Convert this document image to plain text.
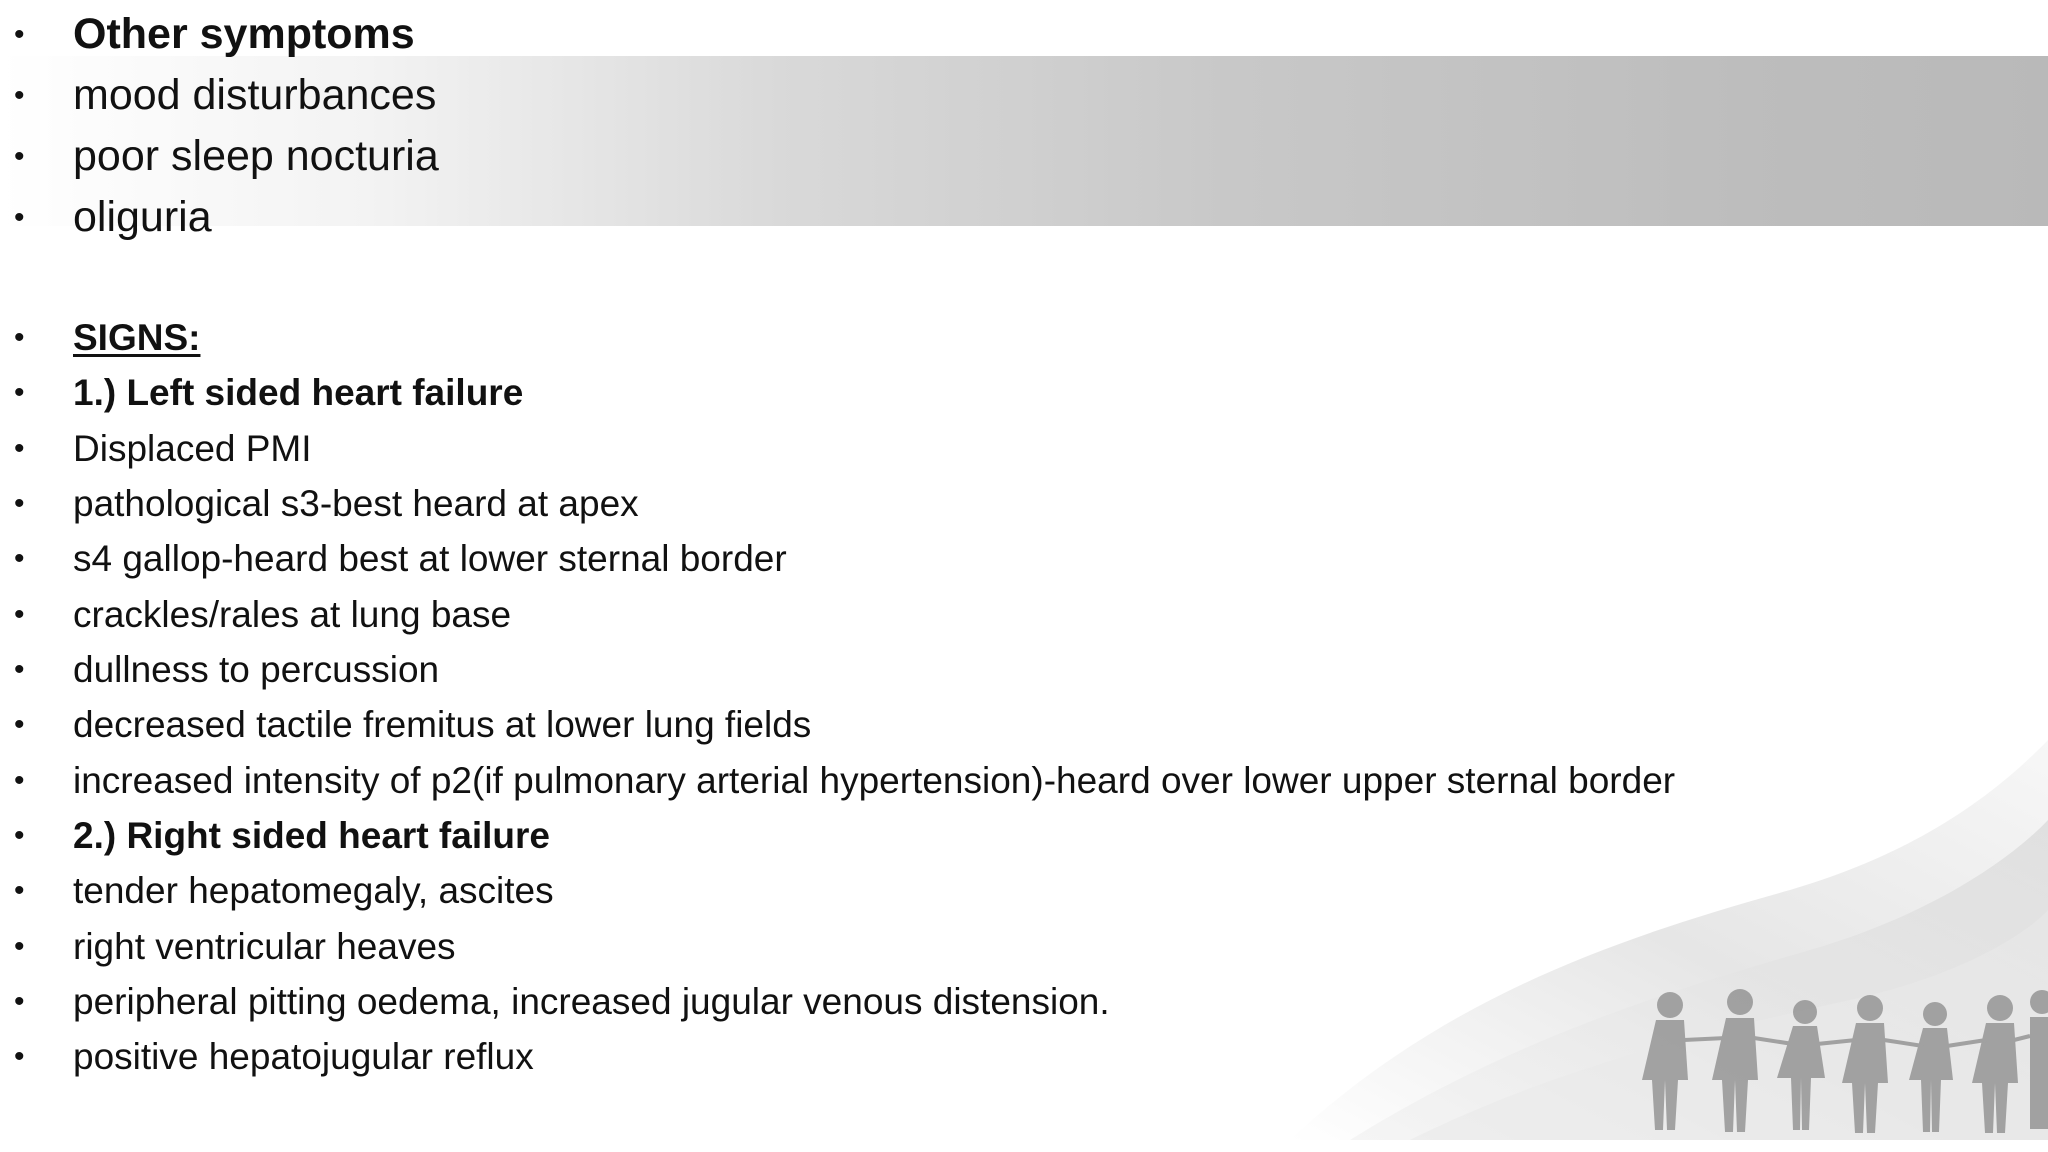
• Other symptoms
• mood disturbances
• poor sleep nocturia
• oliguria
• SIGNS:
• 1.) Left sided heart failure
• Displaced PMI
• pathological s3-best heard at apex
• s4 gallop-heard best at lower sternal border
• crackles/rales at lung base
• dullness to percussion
• decreased tactile fremitus at lower lung fields
• increased intensity of p2(if pulmonary arterial hypertension)-heard over lower upper sternal border
• 2.) Right sided heart failure
• tender hepatomegaly, ascites
• right ventricular heaves
• peripheral pitting oedema, increased jugular venous distension.
• positive hepatojugular reflux
